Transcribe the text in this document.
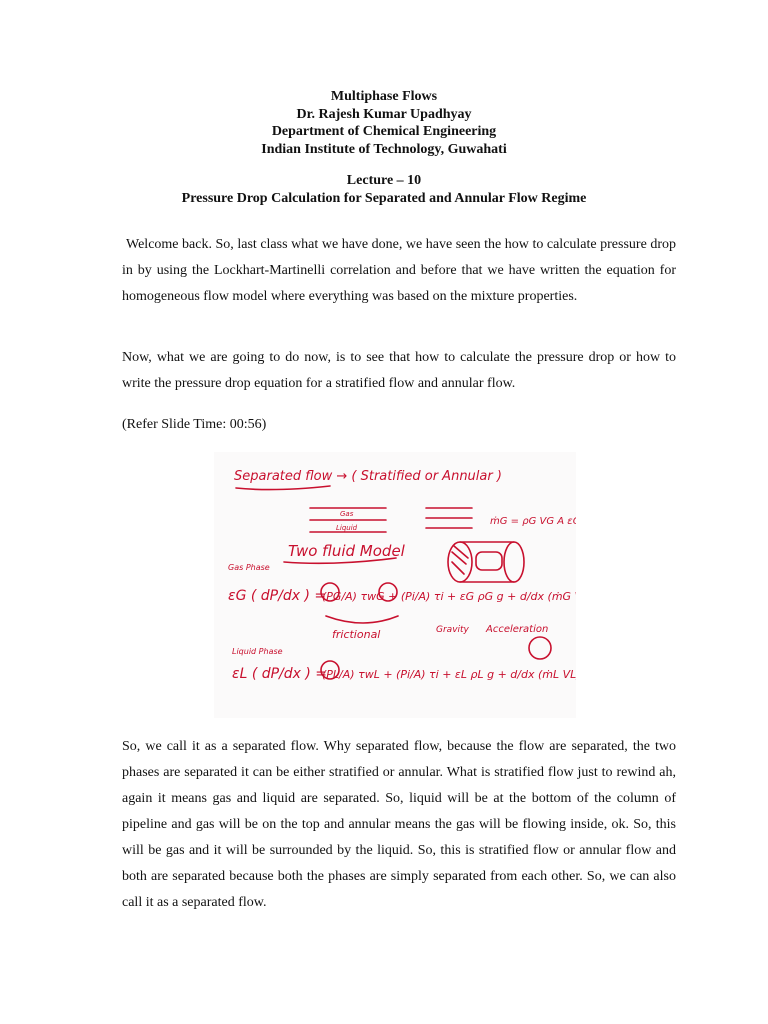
Multiphase Flows
Dr. Rajesh Kumar Upadhyay
Department of Chemical Engineering
Indian Institute of Technology, Guwahati
Lecture – 10
Pressure Drop Calculation for Separated and Annular Flow Regime

Welcome back. So, last class what we have done, we have seen the how to calculate pressure drop in by using the Lockhart-Martinelli correlation and before that we have written the equation for homogeneous flow model where everything was based on the mixture properties.

Now, what we are going to do now, is to see that how to calculate the pressure drop or how to write the pressure drop equation for a stratified flow and annular flow.

(Refer Slide Time: 00:56)

Separated flow → ( Stratified or Annular )
Gas
Liquid
ṁG = ρG VG A εG
Two fluid Model
Gas Phase
εG ( dP/dx ) =
(PG/A) τwG + (Pi/A) τi + εG ρG g + d/dx (ṁG VG)
frictional	Gravity Acceleration
Liquid Phase
εL ( dP/dx ) =
(PL/A) τwL + (Pi/A) τi + εL ρL g + d/dx (ṁL VL)

So, we call it as a separated flow. Why separated flow, because the flow are separated, the two phases are separated it can be either stratified or annular. What is stratified flow just to rewind ah, again it means gas and liquid are separated. So, liquid will be at the bottom of the column of pipeline and gas will be on the top and annular means the gas will be flowing inside, ok. So, this will be gas and it will be surrounded by the liquid. So, this is stratified flow or annular flow and both are separated because both the phases are simply separated from each other. So, we can also call it as a separated flow.
